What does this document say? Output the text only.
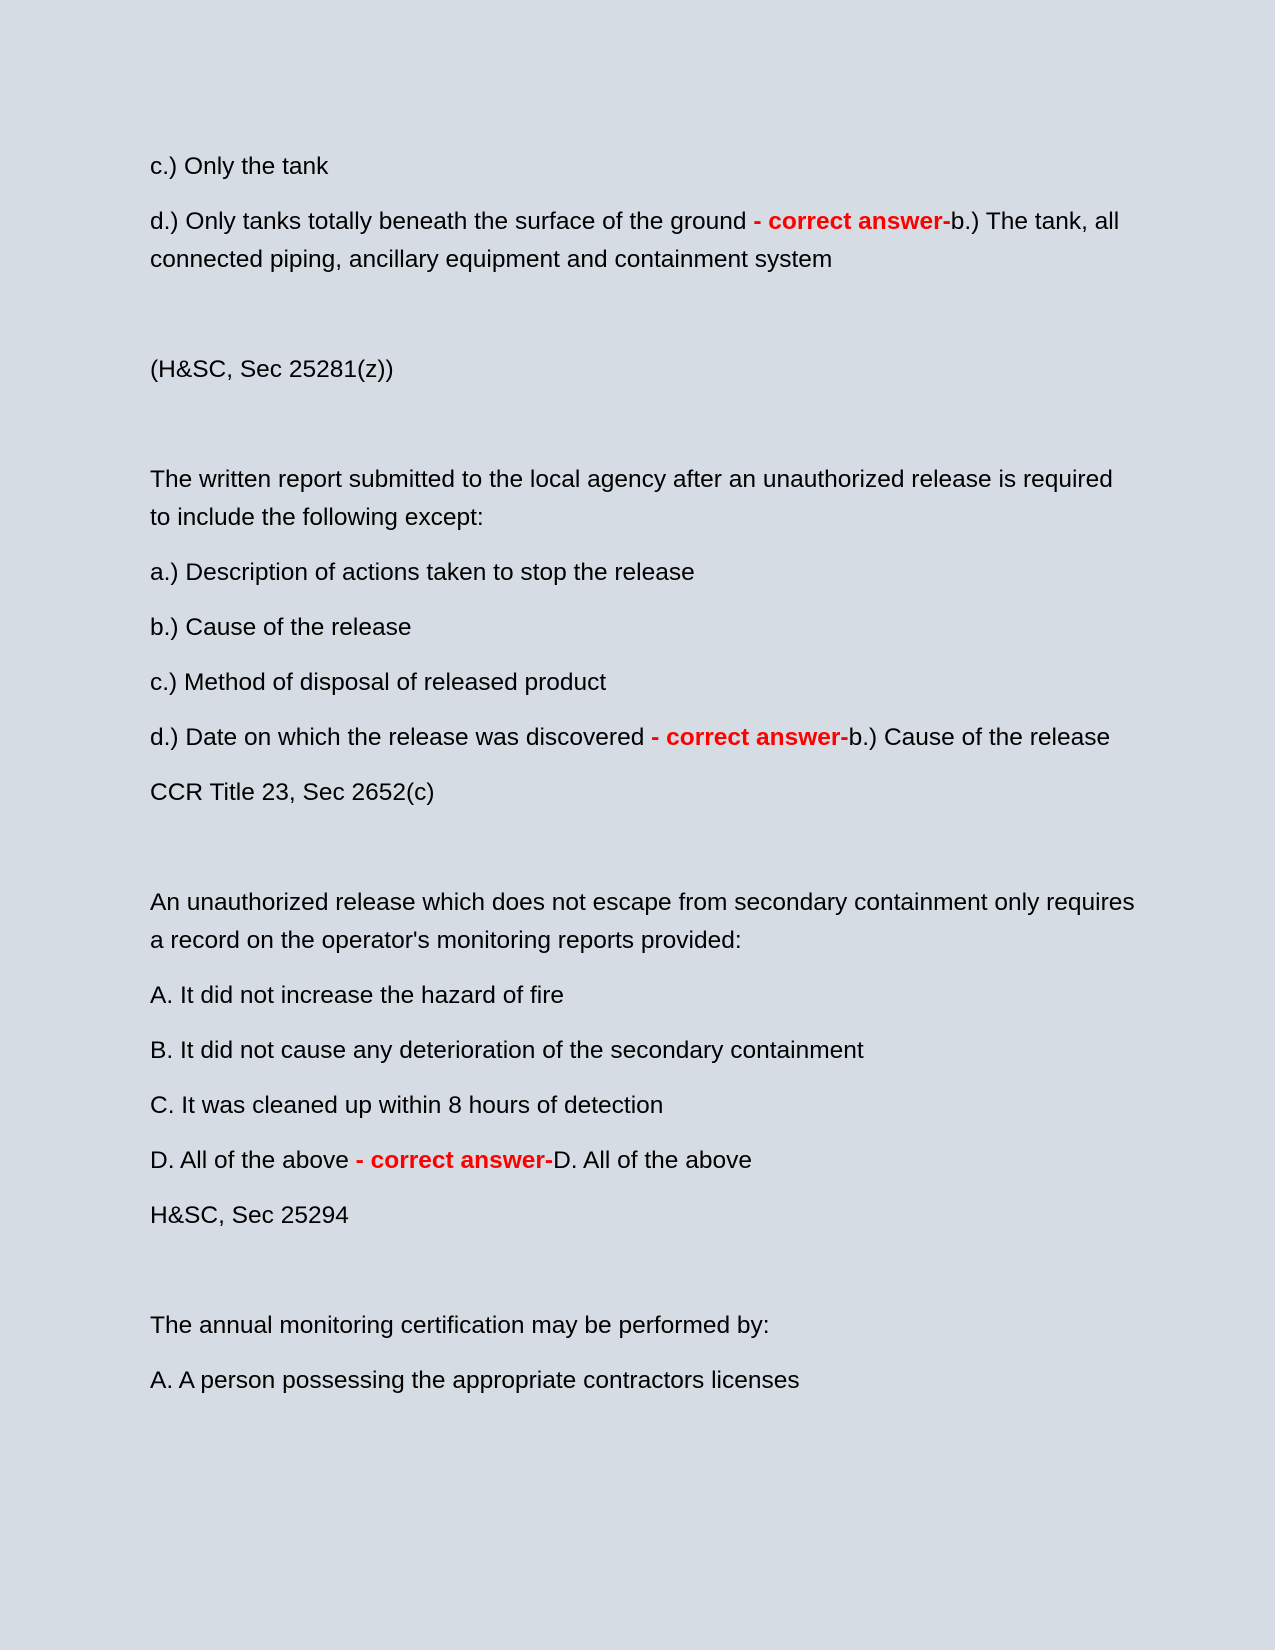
c.) Only the tank

d.) Only tanks totally beneath the surface of the ground - correct answer-b.) The tank, all connected piping, ancillary equipment and containment system

(H&SC, Sec 25281(z))

The written report submitted to the local agency after an unauthorized release is required to include the following except:

a.) Description of actions taken to stop the release

b.) Cause of the release

c.) Method of disposal of released product

d.) Date on which the release was discovered - correct answer-b.) Cause of the release

CCR Title 23, Sec 2652(c)

An unauthorized release which does not escape from secondary containment only requires a record on the operator's monitoring reports provided:

A. It did not increase the hazard of fire

B. It did not cause any deterioration of the secondary containment

C. It was cleaned up within 8 hours of detection

D. All of the above - correct answer-D. All of the above

H&SC, Sec 25294

The annual monitoring certification may be performed by:

A. A person possessing the appropriate contractors licenses
